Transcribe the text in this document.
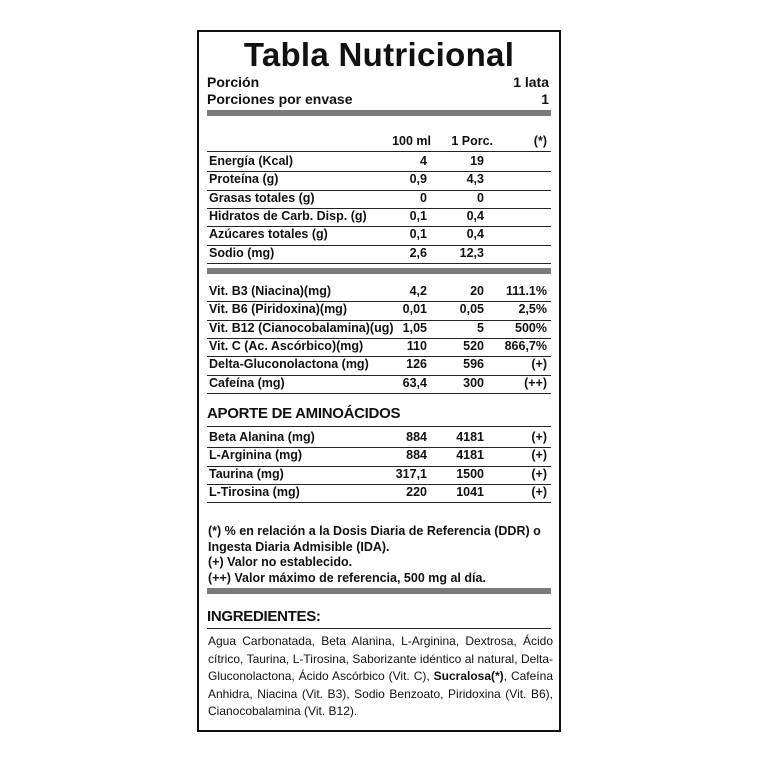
Tabla Nutricional
Porción	1 lata
Porciones por envase	1
100 ml 1 Porc.	(*)
Energía (Kcal)	4	19
Proteína (g)	0,9	4,3
Grasas totales (g)	0	0
Hidratos de Carb. Disp. (g)	0,1	0,4
Azúcares totales (g)	0,1	0,4
Sodio (mg)	2,6	12,3
Vit. B3 (Niacina)(mg)	4,2	20 111.1%
Vit. B6 (Piridoxina)(mg)	0,01	0,05	2,5%
Vit. B12 (Cianocobalamina)(ug) 1,05	5 500%
Vit. C (Ac. Ascórbico)(mg)	110	520 866,7%
Delta-Gluconolactona (mg)	126	596	(+)
Cafeína (mg)	63,4	300	(++)
APORTE DE AMINOÁCIDOS
Beta Alanina (mg)	884 4181	(+)
L-Arginina (mg)	884 4181	(+)
Taurina (mg)	317,1 1500	(+)
L-Tirosina (mg)	220 1041	(+)
(*) % en relación a la Dosis Diaria de Referencia (DDR) o
Ingesta Diaria Admisible (IDA).
(+) Valor no establecido.
(++) Valor máximo de referencia, 500 mg al día.
INGREDIENTES:
Agua Carbonatada, Beta Alanina, L-Arginina, Dextrosa, Ácido cítrico, Taurina, L-Tirosina, Saborizante idéntico al natural, Delta-Gluconolactona, Ácido Ascórbico (Vit. C), Sucralosa(*), Cafeína Anhidra, Niacina (Vit. B3), Sodio Benzoato, Piridoxina (Vit. B6), Cianocobalamina (Vit. B12).
